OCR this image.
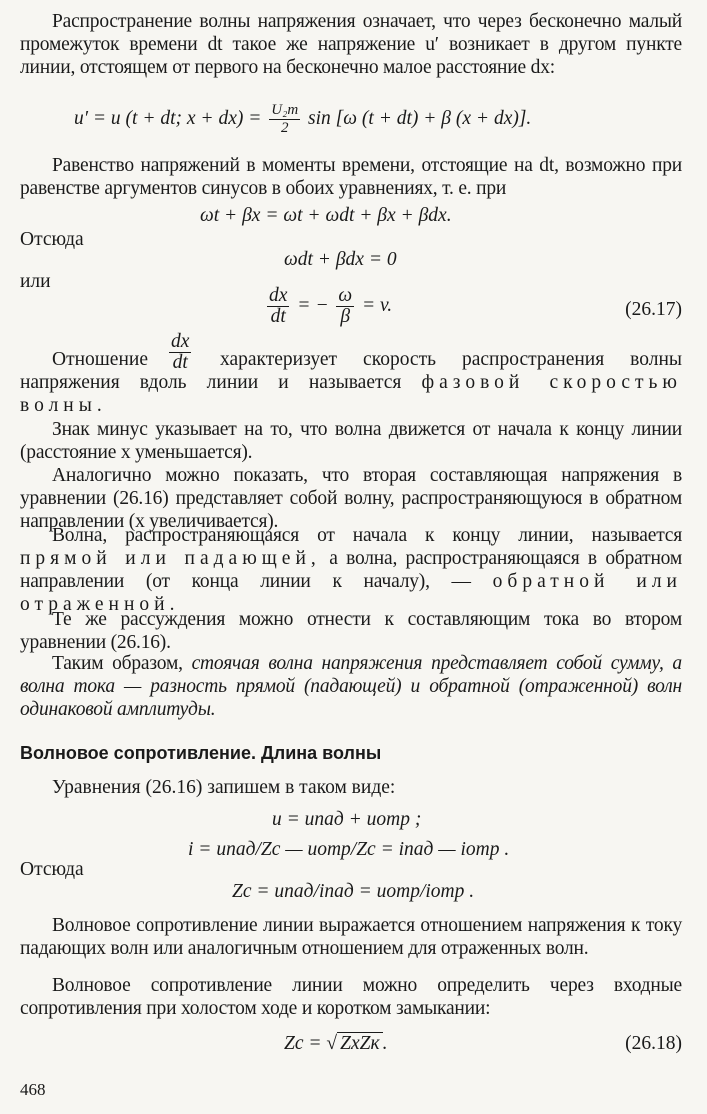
Распространение волны напряжения означает, что через бесконечно малый промежуток времени dt такое же напряжение u′ возникает в другом пункте линии, отстоящем от первого на бесконечно малое расстояние dx:

u′ = u (t + dt; $x + dx) = \frac{\text{U₂m}}{2}$ sin [ω (t + dt) + β (x + dx)].

Равенство напряжений в моменты времени, отстоящие на dt, возможно при равенстве аргументов синусов в обоих уравнениях, т. е. при

ωt + βx = ωt + ωdt + βx + βdx.

Отсюда

ωdt + βdx = 0

или

$\frac{dx}{dt}$ = − $\frac{\omega}{\beta} = v$.	(26.17)
$\frac{dx}{dt}$

Отношение	характеризует скорость распространения волны напряжения вдоль линии и называется фазовой скоростью волны.

Знак минус указывает на то, что волна движется от начала к концу линии (расстояние x уменьшается).

Аналогично можно показать, что вторая составляющая напряжения в уравнении (26.16) представляет собой волну, распространяющуюся в обратном направлении (x увеличивается).

Волна, распространяющаяся от начала к концу линии, называется прямой или падающей, а волна, распространяющаяся в обратном направлении (от конца линии к началу), — обратной или отраженной.

Те же рассуждения можно отнести к составляющим тока во втором уравнении (26.16).

Таким образом, стоячая волна напряжения представляет собой сумму, а волна тока — разность прямой (падающей) и обратной (отраженной) волн одинаковой амплитуды.

Волновое сопротивление. Длина волны

Уравнения (26.16) запишем в таком виде:

u = uпад + uотр ;
i = uпад/Zc — uотр/Zc = iпад — iотр .

Отсюда

Zc = uпад/iпад = uотр/iотр .

Волновое сопротивление линии выражается отношением напряжения к току падающих волн или аналогичным отношением для отраженных волн.

Волновое сопротивление линии можно определить через входные сопротивления при холостом ходе и коротком замыкании:

Zc = √ ZxZк .	(26.18)
468
